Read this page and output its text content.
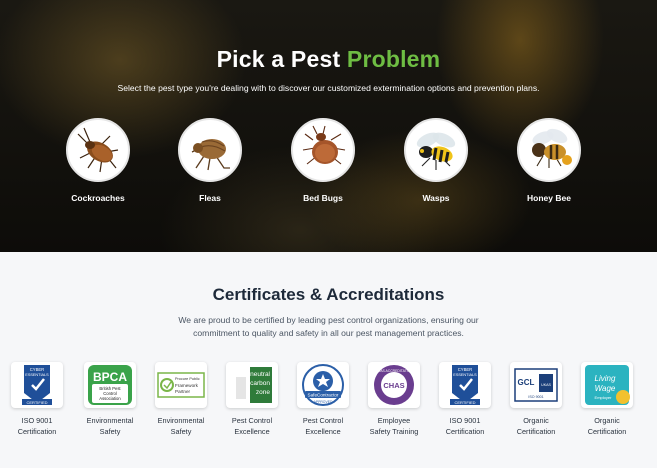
Pick a Pest Problem

Select the pest type you're dealing with to discover our customized extermination options and prevention plans.

Cockroaches	Fleas	Bed Bugs	Wasps	Honey Bee
Certificates & Accreditations

We are proud to be certified by leading pest control organizations, ensuring our commitment to quality and safety in all our pest management practices.

CYBER
ESSENTIALS
CERTIFIED
ISO 9001
Certification
BPCA
British Pest
Control
Association
Environmental
Safety
Procure Public
Framework
Partner
Environmental
Safety
neutral
carbon
zone
Pest Control
Excellence
SafeContractor
APPROVED
Pest Control
Excellence
CHAS ACCREDITATION
CHAS
Employee
Safety Training
CYBER
ESSENTIALS
CERTIFIED
ISO 9001
Certification
GCL UKAS
ISO 9001
Organic
Certification
Living
Wage
Employer
Organic
Certification
